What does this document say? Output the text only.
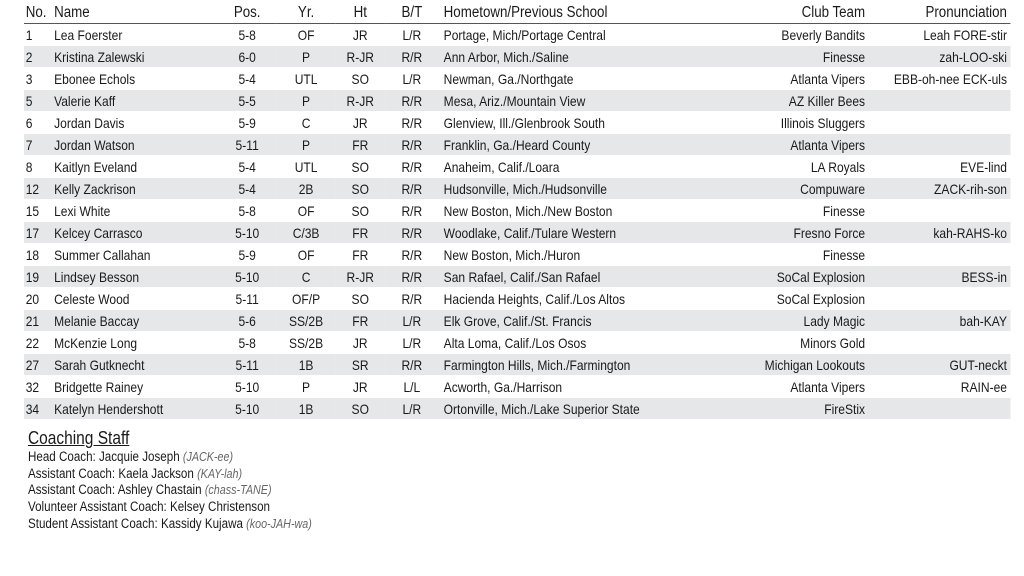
No.	Name	Pos.	Yr.	Ht	B/T	Hometown/Previous School	Club Team	Pronunciation
1	Lea Foerster	5-8	OF	JR	L/R	Portage, Mich/Portage Central	Beverly Bandits	Leah FORE-stir
2	Kristina Zalewski	6-0	P	R-JR	R/R	Ann Arbor, Mich./Saline	Finesse	zah-LOO-ski
3	Ebonee Echols	5-4	UTL	SO	L/R	Newman, Ga./Northgate	Atlanta Vipers	EBB-oh-nee ECK-uls
5	Valerie Kaff	5-5	P	R-JR	R/R	Mesa, Ariz./Mountain View	AZ Killer Bees	
6	Jordan Davis	5-9	C	JR	R/R	Glenview, Ill./Glenbrook South	Illinois Sluggers	
7	Jordan Watson	5-11	P	FR	R/R	Franklin, Ga./Heard County	Atlanta Vipers	
8	Kaitlyn Eveland	5-4	UTL	SO	R/R	Anaheim, Calif./Loara	LA Royals	EVE-lind
12	Kelly Zackrison	5-4	2B	SO	R/R	Hudsonville, Mich./Hudsonville	Compuware	ZACK-rih-son
15	Lexi White	5-8	OF	SO	R/R	New Boston, Mich./New Boston	Finesse	
17	Kelcey Carrasco	5-10	C/3B	FR	R/R	Woodlake, Calif./Tulare Western	Fresno Force	kah-RAHS-ko
18	Summer Callahan	5-9	OF	FR	R/R	New Boston, Mich./Huron	Finesse	
19	Lindsey Besson	5-10	C	R-JR	R/R	San Rafael, Calif./San Rafael	SoCal Explosion	BESS-in
20	Celeste Wood	5-11	OF/P	SO	R/R	Hacienda Heights, Calif./Los Altos	SoCal Explosion	
21	Melanie Baccay	5-6	SS/2B	FR	L/R	Elk Grove, Calif./St. Francis	Lady Magic	bah-KAY
22	McKenzie Long	5-8	SS/2B	JR	L/R	Alta Loma, Calif./Los Osos	Minors Gold	
27	Sarah Gutknecht	5-11	1B	SR	R/R	Farmington Hills, Mich./Farmington	Michigan Lookouts	GUT-neckt
32	Bridgette Rainey	5-10	P	JR	L/L	Acworth, Ga./Harrison	Atlanta Vipers	RAIN-ee
34	Katelyn Hendershott	5-10	1B	SO	L/R	Ortonville, Mich./Lake Superior State	FireStix	
Coaching Staff
Head Coach: Jacquie Joseph (JACK-ee)
Assistant Coach: Kaela Jackson (KAY-lah)
Assistant Coach: Ashley Chastain (chass-TANE)
Volunteer Assistant Coach: Kelsey Christenson
Student Assistant Coach: Kassidy Kujawa (koo-JAH-wa)
